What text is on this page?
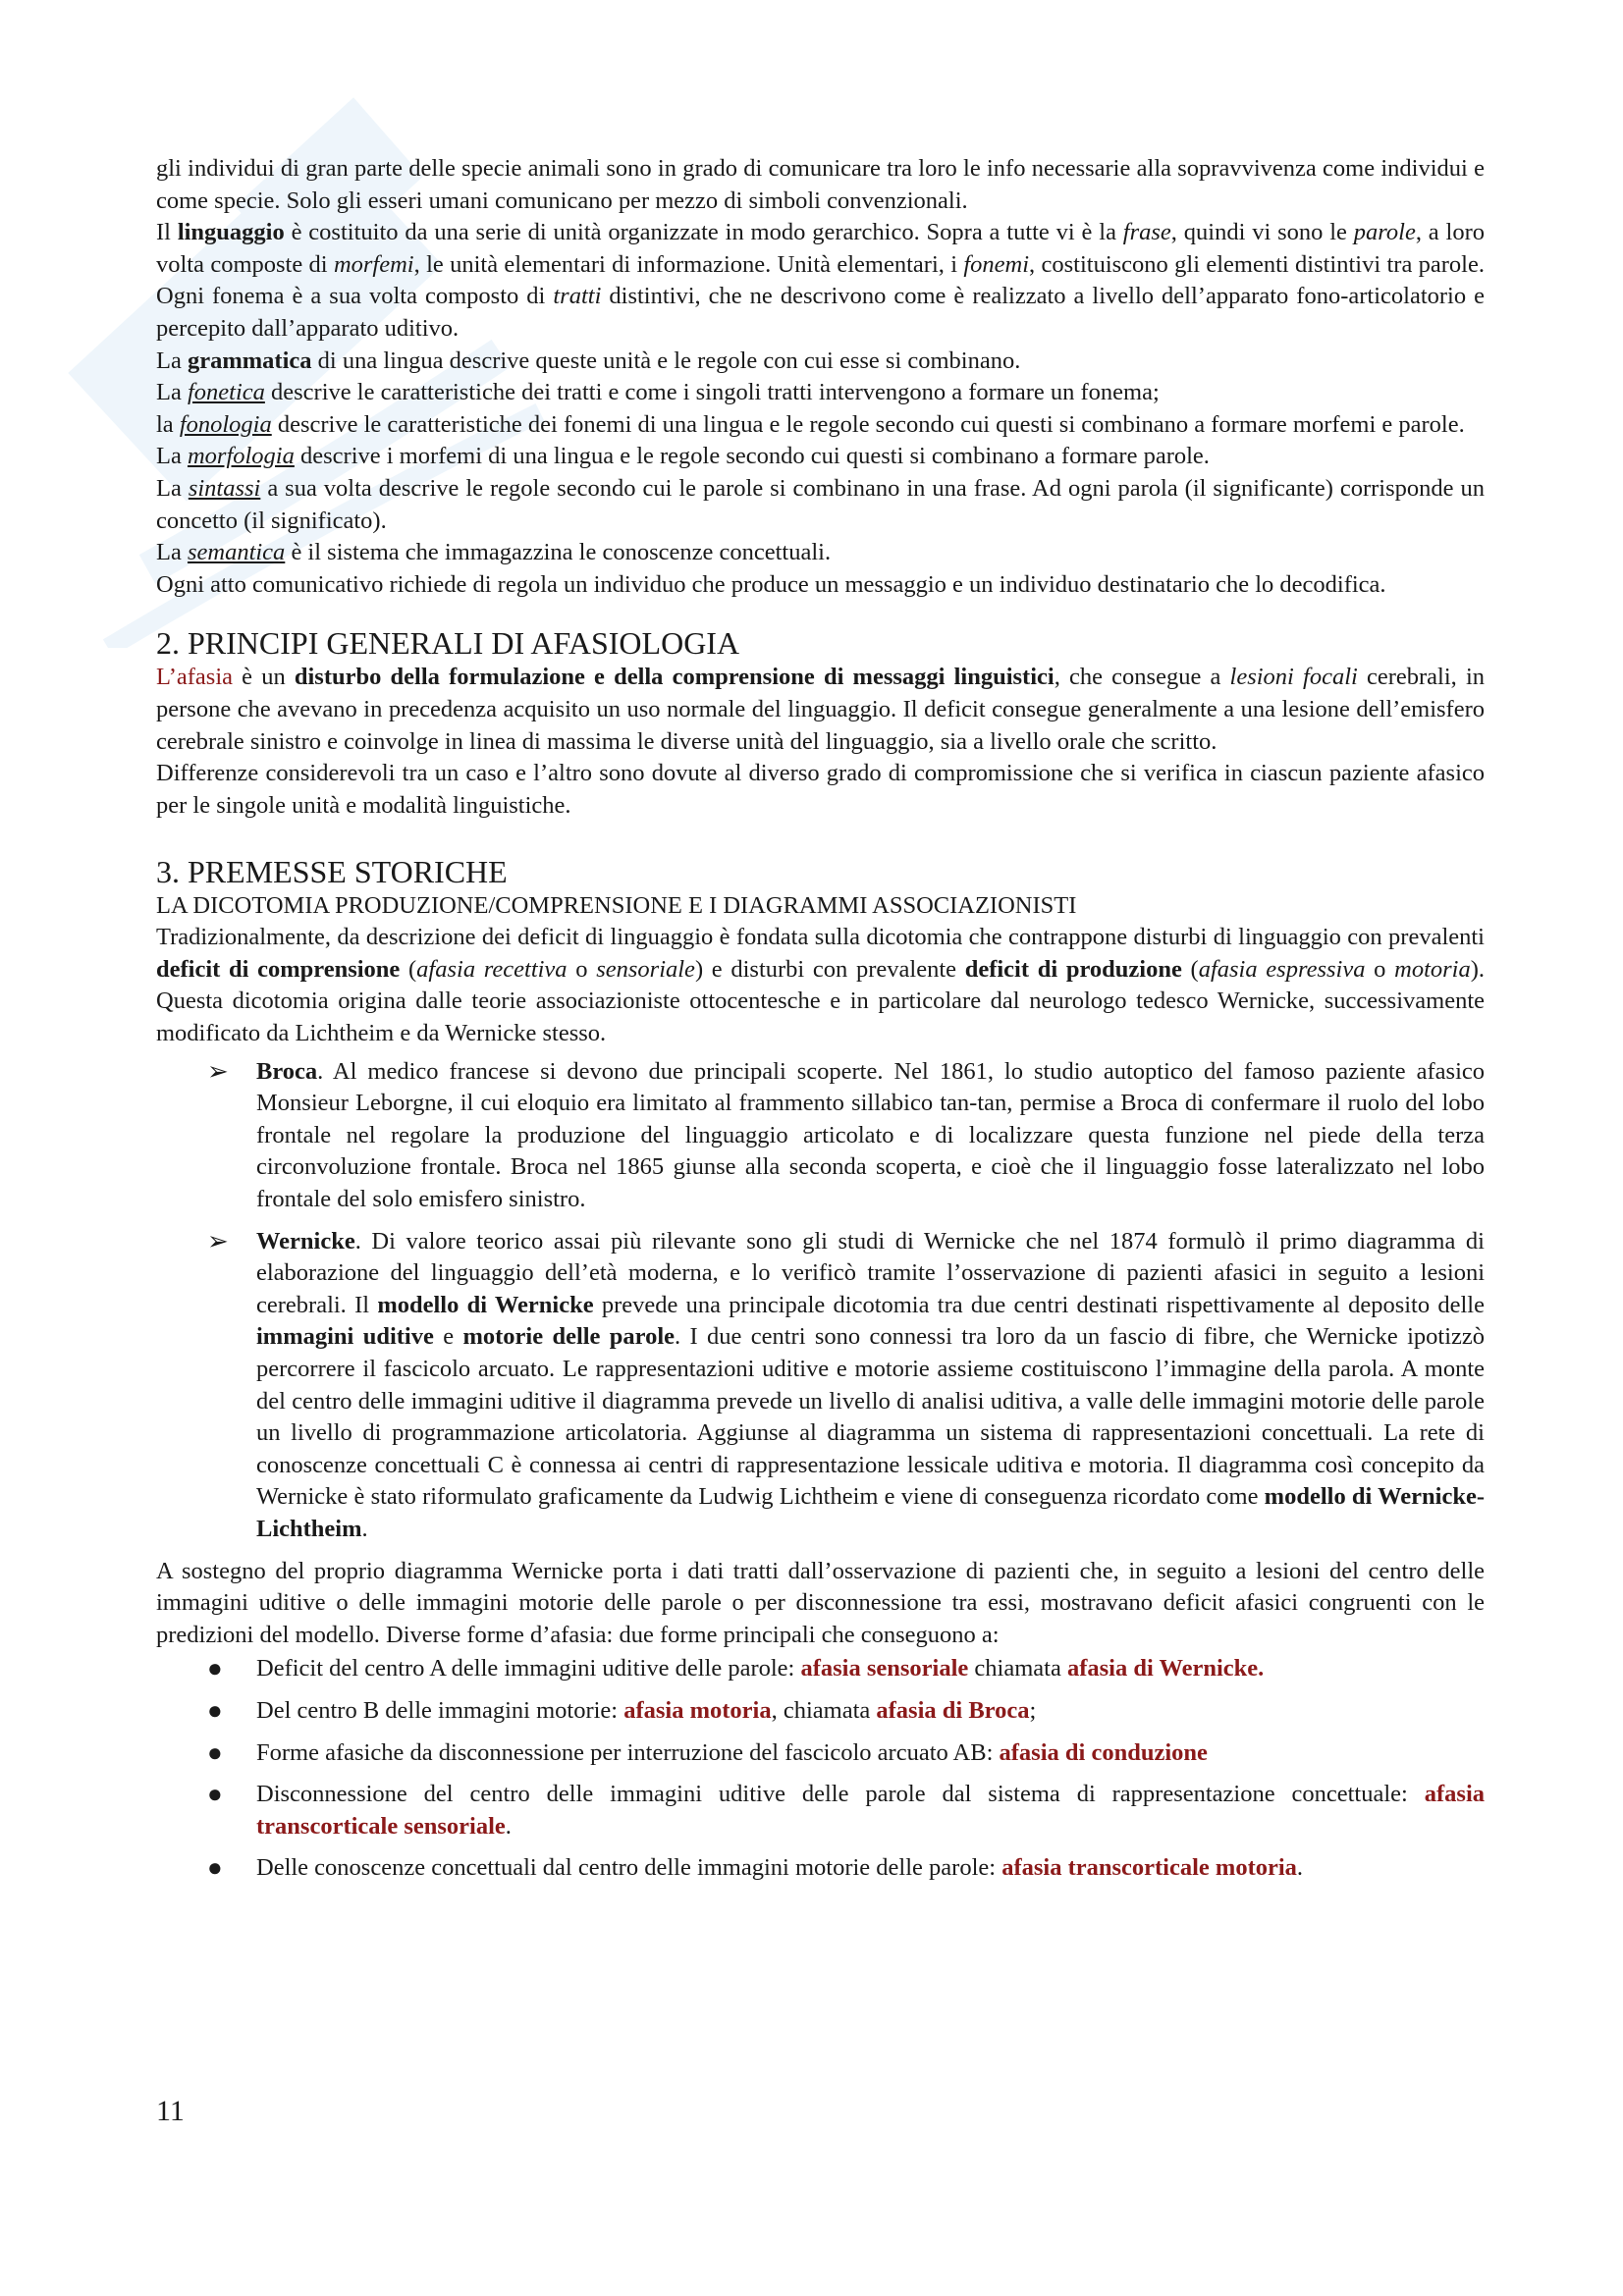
gli individui di gran parte delle specie animali sono in grado di comunicare tra loro le info necessarie alla sopravvivenza come individui e come specie. Solo gli esseri umani comunicano per mezzo di simboli convenzionali.

Il linguaggio è costituito da una serie di unità organizzate in modo gerarchico. Sopra a tutte vi è la frase, quindi vi sono le parole, a loro volta composte di morfemi, le unità elementari di informazione. Unità elementari, i fonemi, costituiscono gli elementi distintivi tra parole. Ogni fonema è a sua volta composto di tratti distintivi, che ne descrivono come è realizzato a livello dell’apparato fono-articolatorio e percepito dall’apparato uditivo.

La grammatica di una lingua descrive queste unità e le regole con cui esse si combinano.

La fonetica descrive le caratteristiche dei tratti e come i singoli tratti intervengono a formare un fonema;

la fonologia descrive le caratteristiche dei fonemi di una lingua e le regole secondo cui questi si combinano a formare morfemi e parole.

La morfologia descrive i morfemi di una lingua e le regole secondo cui questi si combinano a formare parole.

La sintassi a sua volta descrive le regole secondo cui le parole si combinano in una frase. Ad ogni parola (il significante) corrisponde un concetto (il significato).

La semantica è il sistema che immagazzina le conoscenze concettuali.

Ogni atto comunicativo richiede di regola un individuo che produce un messaggio e un individuo destinatario che lo decodifica.

2. PRINCIPI GENERALI DI AFASIOLOGIA

L’afasia è un disturbo della formulazione e della comprensione di messaggi linguistici, che consegue a lesioni focali cerebrali, in persone che avevano in precedenza acquisito un uso normale del linguaggio. Il deficit consegue generalmente a una lesione dell’emisfero cerebrale sinistro e coinvolge in linea di massima le diverse unità del linguaggio, sia a livello orale che scritto.

Differenze considerevoli tra un caso e l’altro sono dovute al diverso grado di compromissione che si verifica in ciascun paziente afasico per le singole unità e modalità linguistiche.

3. PREMESSE STORICHE
LA DICOTOMIA PRODUZIONE/COMPRENSIONE E I DIAGRAMMI ASSOCIAZIONISTI

Tradizionalmente, da descrizione dei deficit di linguaggio è fondata sulla dicotomia che contrappone disturbi di linguaggio con prevalenti deficit di comprensione (afasia recettiva o sensoriale) e disturbi con prevalente deficit di produzione (afasia espressiva o motoria). Questa dicotomia origina dalle teorie associazioniste ottocentesche e in particolare dal neurologo tedesco Wernicke, successivamente modificato da Lichtheim e da Wernicke stesso.

➢ Broca. Al medico francese si devono due principali scoperte. Nel 1861, lo studio autoptico del famoso paziente afasico Monsieur Leborgne, il cui eloquio era limitato al frammento sillabico tan-tan, permise a Broca di confermare il ruolo del lobo frontale nel regolare la produzione del linguaggio articolato e di localizzare questa funzione nel piede della terza circonvoluzione frontale. Broca nel 1865 giunse alla seconda scoperta, e cioè che il linguaggio fosse lateralizzato nel lobo frontale del solo emisfero sinistro.
➢ Wernicke. Di valore teorico assai più rilevante sono gli studi di Wernicke che nel 1874 formulò il primo diagramma di elaborazione del linguaggio dell’età moderna, e lo verificò tramite l’osservazione di pazienti afasici in seguito a lesioni cerebrali. Il modello di Wernicke prevede una principale dicotomia tra due centri destinati rispettivamente al deposito delle immagini uditive e motorie delle parole. I due centri sono connessi tra loro da un fascio di fibre, che Wernicke ipotizzò percorrere il fascicolo arcuato. Le rappresentazioni uditive e motorie assieme costituiscono l’immagine della parola. A monte del centro delle immagini uditive il diagramma prevede un livello di analisi uditiva, a valle delle immagini motorie delle parole un livello di programmazione articolatoria. Aggiunse al diagramma un sistema di rappresentazioni concettuali. La rete di conoscenze concettuali C è connessa ai centri di rappresentazione lessicale uditiva e motoria. Il diagramma così concepito da Wernicke è stato riformulato graficamente da Ludwig Lichtheim e viene di conseguenza ricordato come modello di Wernicke-Lichtheim.

A sostegno del proprio diagramma Wernicke porta i dati tratti dall’osservazione di pazienti che, in seguito a lesioni del centro delle immagini uditive o delle immagini motorie delle parole o per disconnessione tra essi, mostravano deficit afasici congruenti con le predizioni del modello. Diverse forme d’afasia: due forme principali che conseguono a:

● Deficit del centro A delle immagini uditive delle parole: afasia sensoriale chiamata afasia di Wernicke.
● Del centro B delle immagini motorie: afasia motoria, chiamata afasia di Broca;
● Forme afasiche da disconnessione per interruzione del fascicolo arcuato AB: afasia di conduzione
● Disconnessione del centro delle immagini uditive delle parole dal sistema di rappresentazione concettuale: afasia transcorticale sensoriale.
● Delle conoscenze concettuali dal centro delle immagini motorie delle parole: afasia transcorticale motoria.
11
